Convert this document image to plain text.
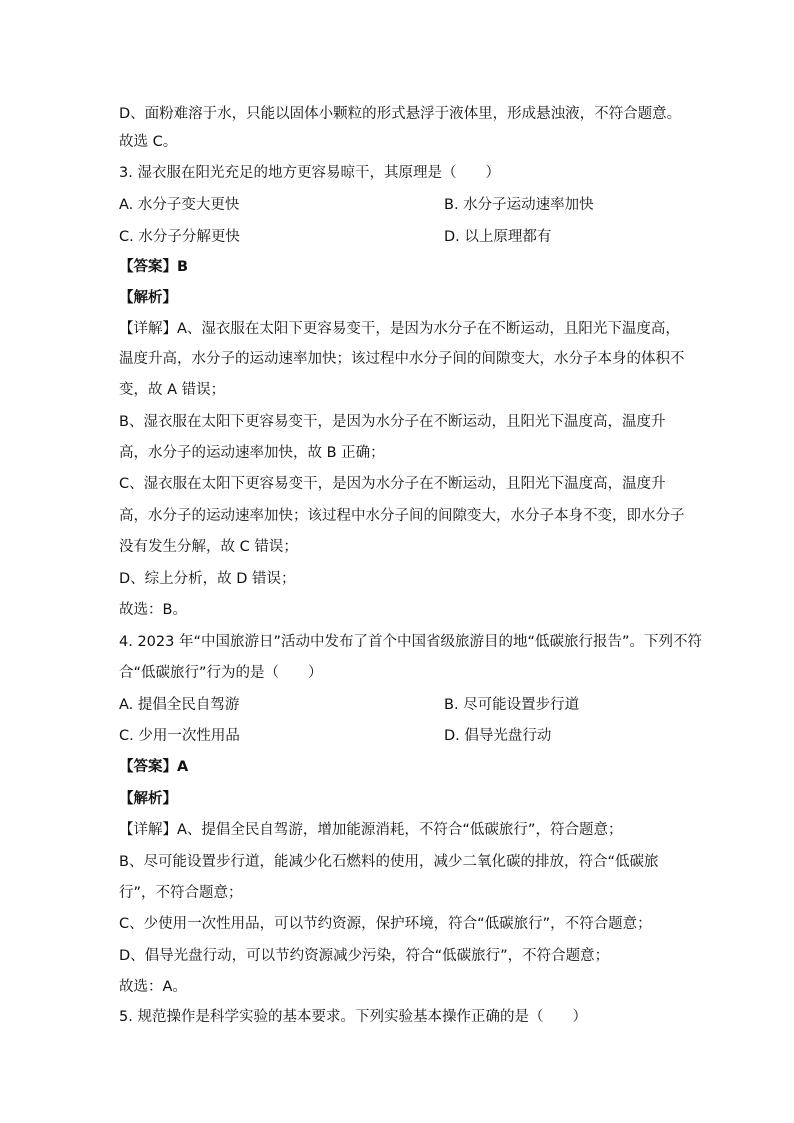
D、面粉难溶于水，只能以固体小颗粒的形式悬浮于液体里，形成悬浊液，不符合题意。
故选 C。
3. 湿衣服在阳光充足的地方更容易晾干，其原理是（　　）
A. 水分子变大更快	B. 水分子运动速率加快
C. 水分子分解更快	D. 以上原理都有
【答案】B
【解析】
【详解】A、湿衣服在太阳下更容易变干，是因为水分子在不断运动，且阳光下温度高，
温度升高，水分子的运动速率加快；该过程中水分子间的间隙变大，水分子本身的体积不
变，故 A 错误；
B、湿衣服在太阳下更容易变干，是因为水分子在不断运动，且阳光下温度高，温度升
高，水分子的运动速率加快，故 B 正确；
C、湿衣服在太阳下更容易变干，是因为水分子在不断运动，且阳光下温度高，温度升
高，水分子的运动速率加快；该过程中水分子间的间隙变大，水分子本身不变，即水分子
没有发生分解，故 C 错误；
D、综上分析，故 D 错误；
故选：B。
4. 2023 年“中国旅游日”活动中发布了首个中国省级旅游目的地“低碳旅行报告”。下列不符
合“低碳旅行”行为的是（　　）
A. 提倡全民自驾游	B. 尽可能设置步行道
C. 少用一次性用品	D. 倡导光盘行动
【答案】A
【解析】
【详解】A、提倡全民自驾游，增加能源消耗，不符合“低碳旅行”，符合题意；
B、尽可能设置步行道，能减少化石燃料的使用，减少二氧化碳的排放，符合“低碳旅
行”，不符合题意；
C、少使用一次性用品，可以节约资源，保护环境，符合“低碳旅行”，不符合题意；
D、倡导光盘行动，可以节约资源减少污染，符合“低碳旅行”，不符合题意；
故选：A。
5. 规范操作是科学实验的基本要求。下列实验基本操作正确的是（　　）
